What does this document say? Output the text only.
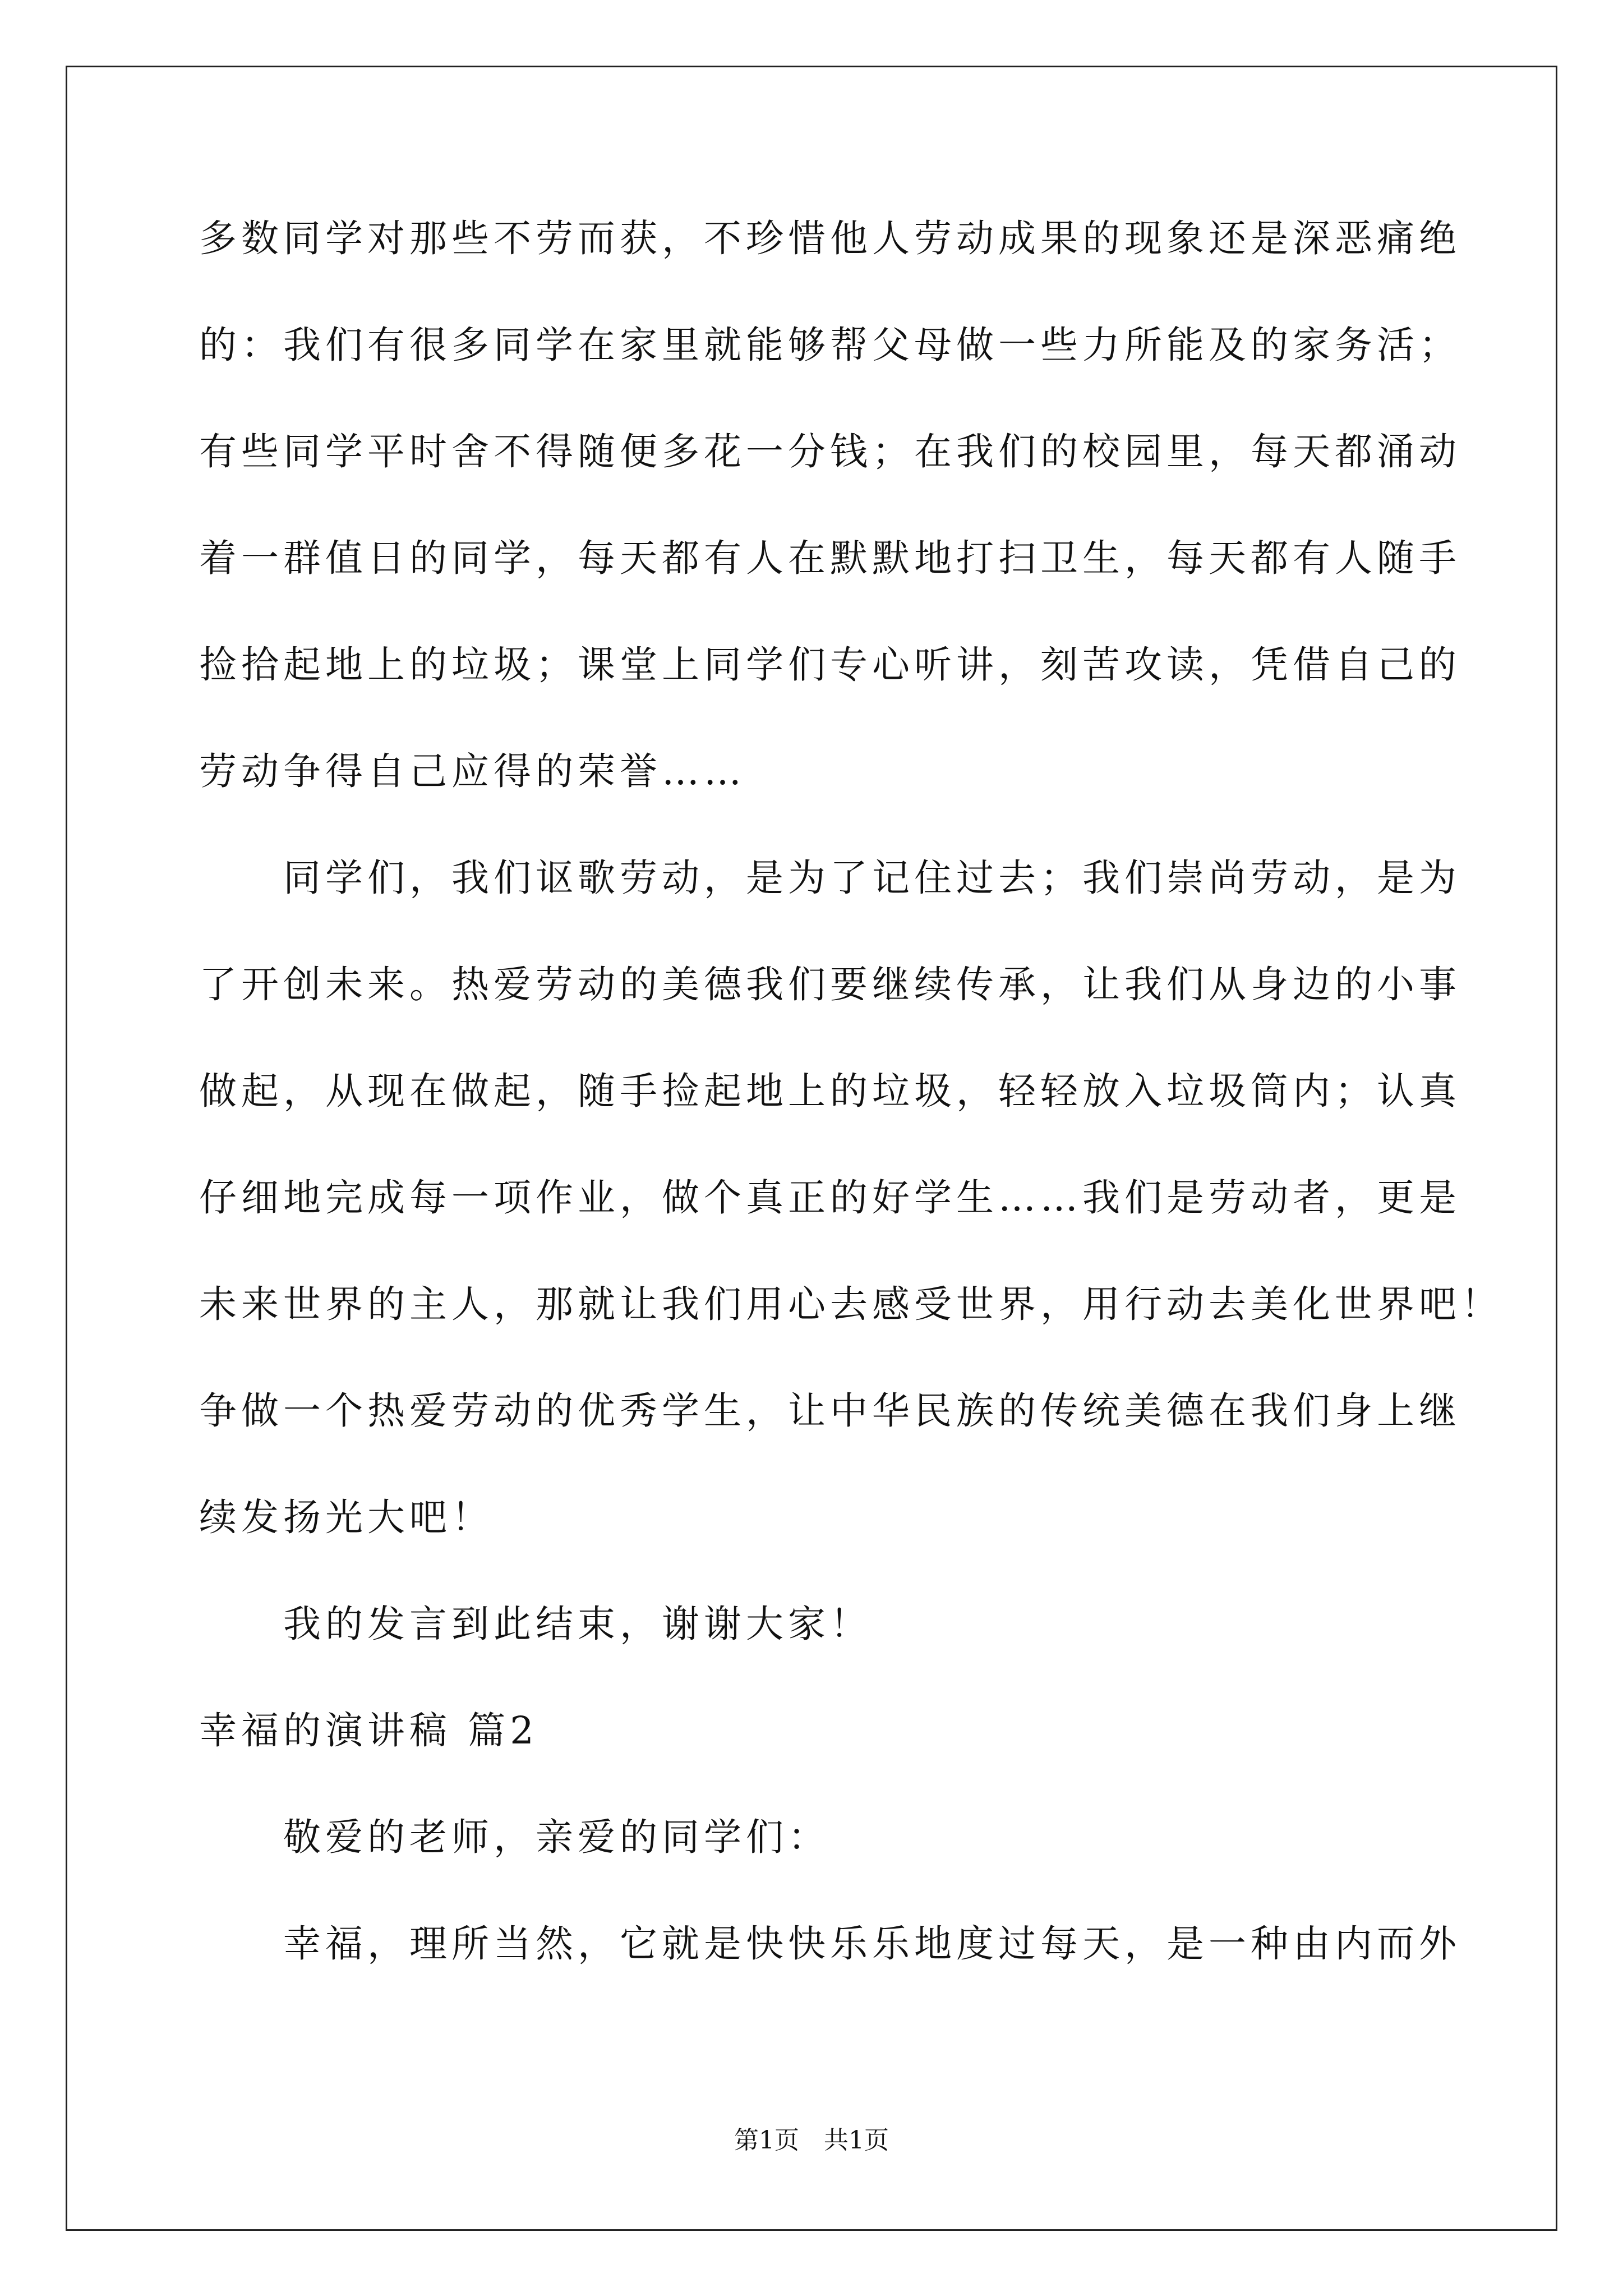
多数同学对那些不劳而获，不珍惜他人劳动成果的现象还是深恶痛绝
的：我们有很多同学在家里就能够帮父母做一些力所能及的家务活；
有些同学平时舍不得随便多花一分钱；在我们的校园里，每天都涌动
着一群值日的同学，每天都有人在默默地打扫卫生，每天都有人随手
捡拾起地上的垃圾；课堂上同学们专心听讲，刻苦攻读，凭借自己的
劳动争得自己应得的荣誉……
同学们，我们讴歌劳动，是为了记住过去；我们崇尚劳动，是为
了开创未来。热爱劳动的美德我们要继续传承，让我们从身边的小事
做起，从现在做起，随手捡起地上的垃圾，轻轻放入垃圾筒内；认真
仔细地完成每一项作业，做个真正的好学生……我们是劳动者，更是
未来世界的主人，那就让我们用心去感受世界，用行动去美化世界吧！
争做一个热爱劳动的优秀学生，让中华民族的传统美德在我们身上继
续发扬光大吧！
我的发言到此结束，谢谢大家！
幸福的演讲稿 篇2
敬爱的老师，亲爱的同学们：
幸福，理所当然，它就是快快乐乐地度过每天，是一种由内而外
第1页　共1页
